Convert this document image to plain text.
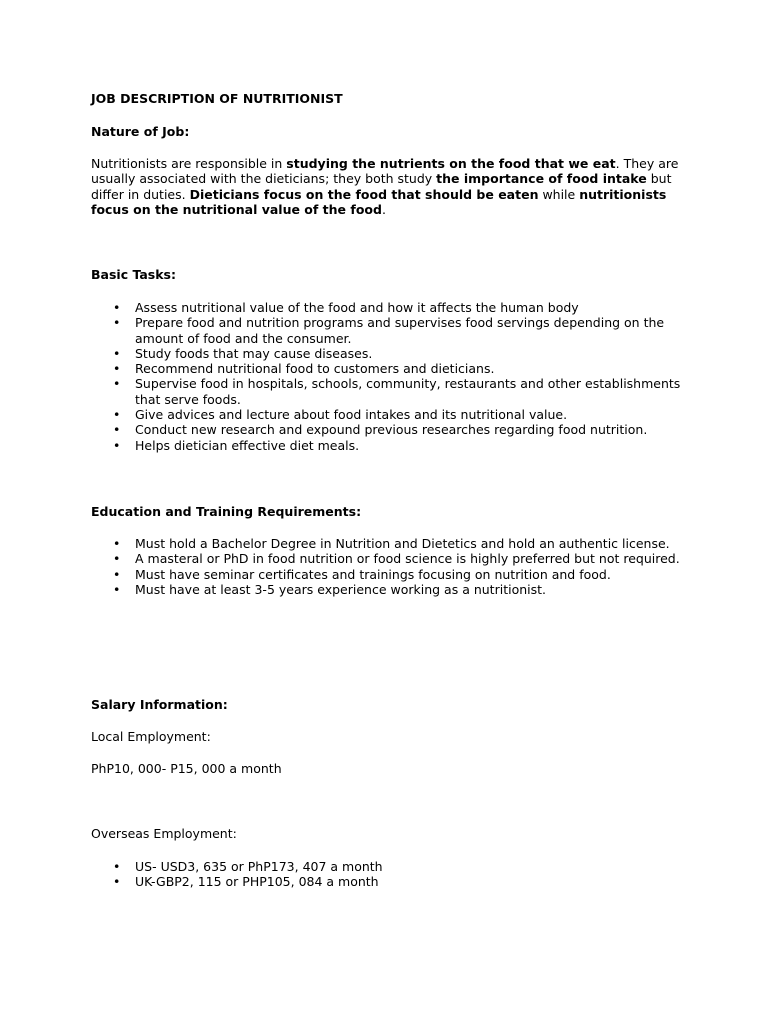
JOB DESCRIPTION OF NUTRITIONIST

Nature of Job:

Nutritionists are responsible in studying the nutrients on the food that we eat. They are usually associated with the dieticians; they both study the importance of food intake but differ in duties. Dieticians focus on the food that should be eaten while nutritionists focus on the nutritional value of the food.

Basic Tasks:

• Assess nutritional value of the food and how it affects the human body
• Prepare food and nutrition programs and supervises food servings depending on the amount of food and the consumer.
• Study foods that may cause diseases.
• Recommend nutritional food to customers and dieticians.
• Supervise food in hospitals, schools, community, restaurants and other establishments that serve foods.
• Give advices and lecture about food intakes and its nutritional value.
• Conduct new research and expound previous researches regarding food nutrition.
• Helps dietician effective diet meals.

Education and Training Requirements:

• Must hold a Bachelor Degree in Nutrition and Dietetics and hold an authentic license.
• A masteral or PhD in food nutrition or food science is highly preferred but not required.
• Must have seminar certificates and trainings focusing on nutrition and food.
• Must have at least 3-5 years experience working as a nutritionist.

Salary Information:

Local Employment:

PhP10, 000- P15, 000 a month

Overseas Employment:

• US- USD3, 635 or PhP173, 407 a month
• UK-GBP2, 115 or PHP105, 084 a month
